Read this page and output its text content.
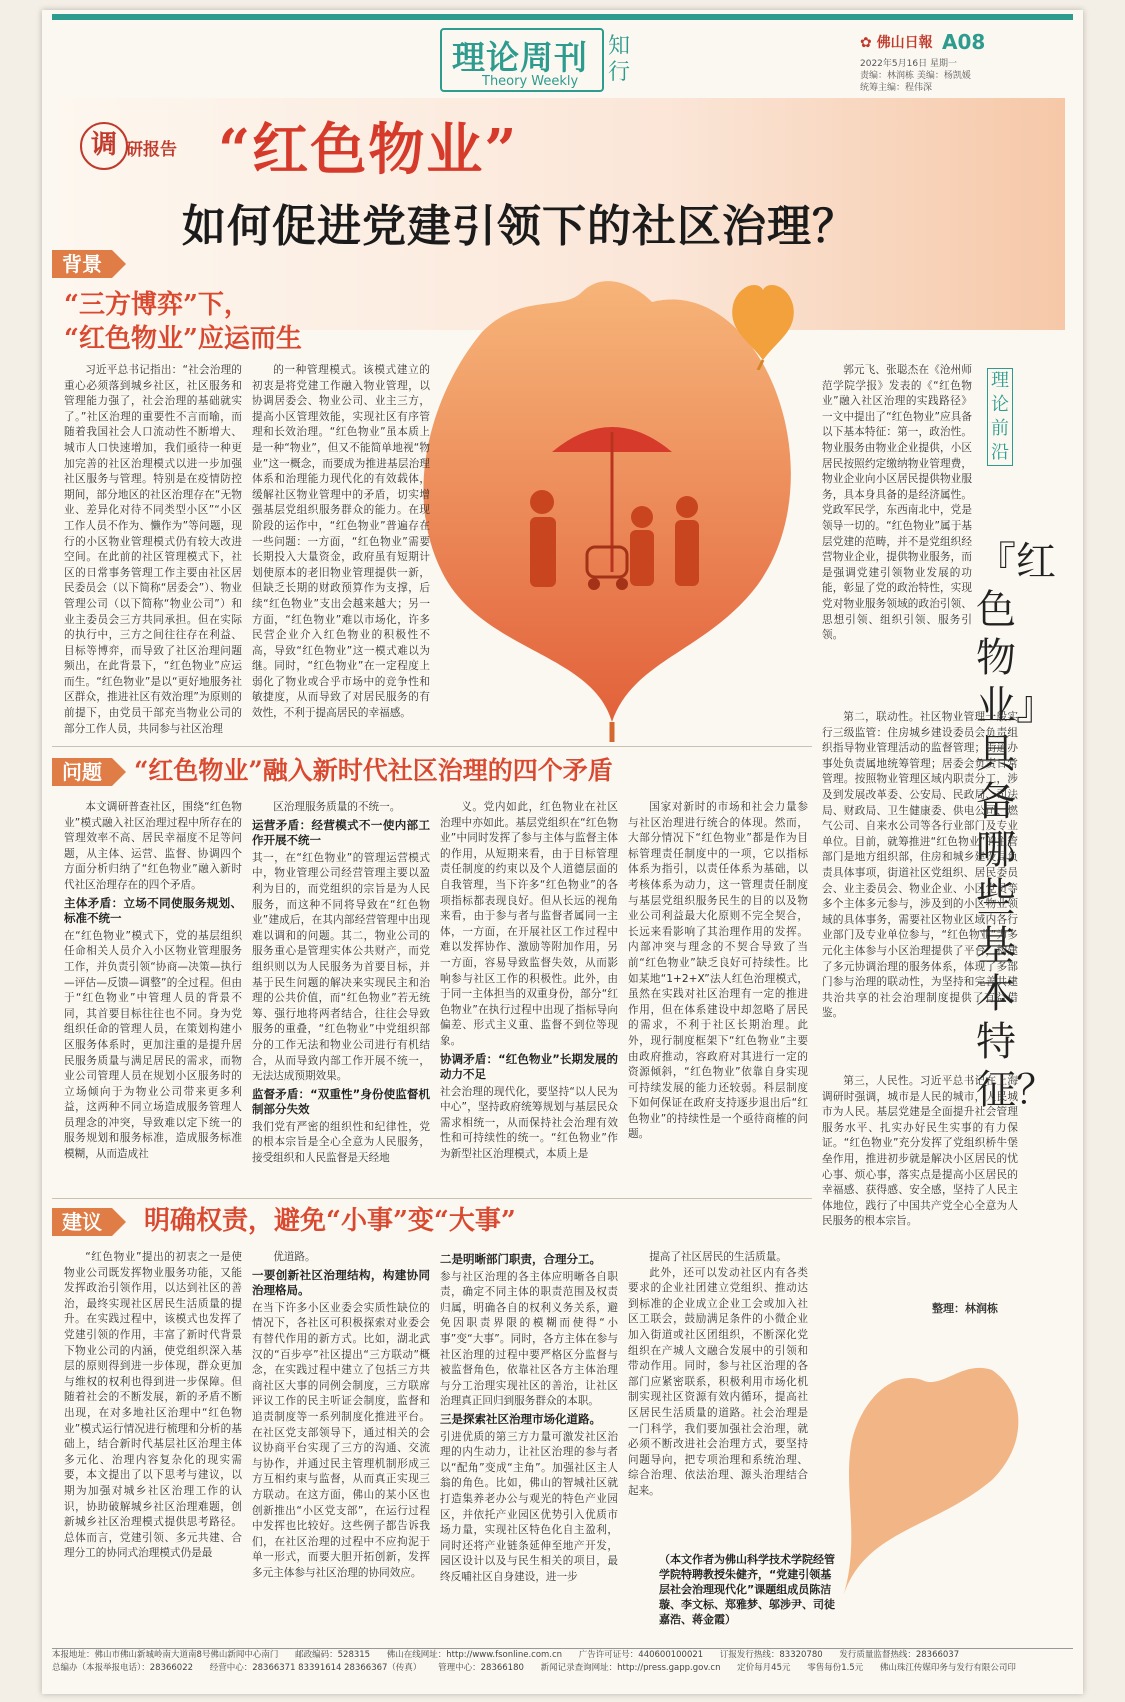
理论周刊
Theory Weekly
知行
✿ 佛山日報 A08
2022年5月16日 星期一
责编：林润栋 美编：杨凯媛
统筹主编：程伟深
调 研报告 “红色物业”
如何促进党建引领下的社区治理？
背景
“三方博弈”下，
“红色物业”应运而生
习近平总书记指出：“社会治理的重心必须落到城乡社区，社区服务和管理能力强了，社会治理的基础就实了。”社区治理的重要性不言而喻，而随着我国社会人口流动性不断增大、城市人口快速增加，我们亟待一种更加完善的社区治理模式以进一步加强社区服务与管理。特别是在疫情防控期间，部分地区的社区治理存在“无物业、差异化对待不同类型小区”“小区工作人员不作为、懒作为”等问题，现行的小区物业管理模式仍有较大改进空间。在此前的社区管理模式下，社区的日常事务管理工作主要由社区居民委员会（以下简称“居委会”）、物业管理公司（以下简称“物业公司”）和业主委员会三方共同承担。但在实际的执行中，三方之间往往存在利益、目标等博弈，而导致了社区治理问题频出，在此背景下，“红色物业”应运而生。“红色物业”是以“更好地服务社区群众，推进社区有效治理”为原则的前提下，由党员干部充当物业公司的部分工作人员，共同参与社区治理
的一种管理模式。该模式建立的初衷是将党建工作融入物业管理，以协调居委会、物业公司、业主三方，提高小区管理效能，实现社区有序管理和长效治理。“红色物业”虽本质上是一种“物业”，但又不能简单地视“物业”这一概念，而要成为推进基层治理体系和治理能力现代化的有效载体，缓解社区物业管理中的矛盾，切实增强基层党组织服务群众的能力。在现阶段的运作中，“红色物业”普遍存在一些问题：一方面，“红色物业”需要长期投入大量资金，政府虽有短期计划使原本的老旧物业管理提供一新，但缺乏长期的财政预算作为支撑，后续“红色物业”支出会越来越大；另一方面，“红色物业”难以市场化，许多民营企业介入红色物业的积极性不高，导致“红色物业”这一模式难以为继。同时，“红色物业”在一定程度上弱化了物业或合乎市场中的竞争性和敏捷度，从而导致了对居民服务的有效性，不利于提高居民的幸福感。
理论前沿
『红色物业』具备哪些基本特征？
郭元飞、张聪杰在《沧州师范学院学报》发表的《“红色物业”融入社区治理的实践路径》一文中提出了“红色物业”应具备以下基本特征：第一，政治性。物业服务由物业企业提供，小区居民按照约定缴纳物业管理费，物业企业向小区居民提供物业服务，具本身具备的是经济属性。党政军民学，东西南北中，党是领导一切的。“红色物业”属于基层党建的范畴，并不是党组织经营物业企业，提供物业服务，而是强调党建引领物业发展的功能，彰显了党的政治特性，实现党对物业服务领域的政治引领、思想引领、组织引领、服务引领。
第二，联动性。社区物业管理一般实行三级监管：住房城乡建设委员会负责组织指导物业管理活动的监督管理；街道办事处负责属地统筹管理；居委会负责日常管理。按照物业管理区域内职责分工，涉及到发展改革委、公安局、民政局、司法局、财政局、卫生健康委、供电公司、燃气公司、自来水公司等各行业部门及专业单位。目前，就筹推进“红色物业”的主管部门是地方组织部，住房和城乡建设局负责具体事项，街道社区党组织、居民委员会、业主委员会、物业企业、小区党员等多个主体多元参与，涉及到的小区物业领域的具体事务，需要社区物业区域内各行业部门及专业单位参与，“红色物业”为多元化主体参与小区治理提供了平台，构建了多元协调治理的服务体系，体现了多部门参与治理的联动性，为坚持和完善共建共治共享的社会治理制度提供了有益借鉴。
第三，人民性。习近平总书记在上海调研时强调，城市是人民的城市，人民城市为人民。基层党建是全面提升社会管理服务水平、扎实办好民生实事的有力保证。“红色物业”充分发挥了党组织桥牛堡垒作用，推进初步就是解决小区居民的忧心事、烦心事，落实点是提高小区居民的幸福感、获得感、安全感，坚持了人民主体地位，践行了中国共产党全心全意为人民服务的根本宗旨。
整理：林润栋
问题	“红色物业”融入新时代社区治理的四个矛盾
本文调研普查社区，围绕“红色物业”模式融入社区治理过程中所存在的管理效率不高、居民幸福度不足等问题，从主体、运营、监督、协调四个方面分析归纳了“红色物业”融入新时代社区治理存在的四个矛盾。
主体矛盾：立场不同使服务规划、标准不统一
在“红色物业”模式下，党的基层组织任命相关人员介入小区物业管理服务工作，并负责引领“协商—决策—执行—评估—反馈—调整”的全过程。但由于“红色物业”中管理人员的背景不同，其首要目标往往也不同。身为党组织任命的管理人员，在策划构建小区服务体系时，更加注重的是提升居民服务质量与满足居民的需求，而物业公司管理人员在规划小区服务时的立场倾向于为物业公司带来更多利益，这两种不同立场造成服务管理人员理念的冲突，导致难以定下统一的服务规划和服务标准，造成服务标准模糊，从而造成社
区治理服务质量的不统一。
运营矛盾：经营模式不一使内部工作开展不统一
其一，在“红色物业”的管理运营模式中，物业管理公司经营管理主要以盈利为目的，而党组织的宗旨是为人民服务，而这种不同将导致在“红色物业”建成后，在其内部经营管理中出现难以调和的问题。其二，物业公司的服务重心是管理实体公共财产，而党组织则以为人民服务为首要目标，并基于民生问题的解决来实现民主和治理的公共价值，而“红色物业”若无统筹、强行地将两者结合，往往会导致服务的重叠，“红色物业”中党组织部分的工作无法和物业公司进行有机结合，从而导致内部工作开展不统一，无法达成预期效果。
监督矛盾：“双重性”身份使监督机制部分失效
我们党有严密的组织性和纪律性，党的根本宗旨是全心全意为人民服务，接受组织和人民监督是天经地
义。党内如此，红色物业在社区治理中亦如此。基层党组织在“红色物业”中同时发挥了参与主体与监督主体的作用，从短期来看，由于目标管理责任制度的约束以及个人道德层面的自我管理，当下许多“红色物业”的各项指标都表现良好。但从长远的视角来看，由于参与者与监督者属同一主体，一方面，在开展社区工作过程中难以发挥协作、激励等附加作用，另一方面，容易导致监督失效，从而影响参与社区工作的积极性。此外，由于同一主体担当的双重身份，部分“红色物业”在执行过程中出现了指标导向偏差、形式主义重、监督不到位等现象。
协调矛盾：“红色物业”长期发展的动力不足
社会治理的现代化，要坚持“以人民为中心”，坚持政府统筹规划与基层民众需求相统一，从而保持社会治理有效性和可持续性的统一。“红色物业”作为新型社区治理模式，本质上是
国家对新时的市场和社会力量参与社区治理进行统合的体现。然而，大部分情况下“红色物业”都是作为目标管理责任制度中的一项，它以指标体系为指引，以责任体系为基础，以考核体系为动力，这一管理责任制度与基层党组织服务民生的目的以及物业公司利益最大化原则不完全契合，长远来看影响了其治理作用的发挥。内部冲突与理念的不契合导致了当前“红色物业”缺乏良好可持续性。比如某地“1+2+X”法人红色治理模式，虽然在实践对社区治理有一定的推进作用，但在体系建设中却忽略了居民的需求，不利于社区长期治理。此外，现行制度框架下“红色物业”主要由政府推动，容政府对其进行一定的资源倾斜，“红色物业”依靠自身实现可持续发展的能力还较弱。科层制度下如何保证在政府支持逐步退出后“红色物业”的持续性是一个亟待商榷的问题。
建议	明确权责，避免“小事”变“大事”
“红色物业”提出的初衷之一是使物业公司既发挥物业服务功能，又能发挥政治引领作用，以达到社区的善治，最终实现社区居民生活质量的提升。在实践过程中，该模式也发挥了党建引领的作用，丰富了新时代背景下物业公司的内涵，使党组织深入基层的原则得到进一步体现，群众更加与维权的权利也得到进一步保障。但随着社会的不断发展，新的矛盾不断出现，在对多地社区治理中“红色物业”模式运行情况进行梳理和分析的基础上，结合新时代基层社区治理主体多元化、治理内容复杂化的现实需要，本文提出了以下思考与建议，以期为加强对城乡社区治理工作的认识，协助破解城乡社区治理难题，创新城乡社区治理模式提供思考路径。总体而言，党建引领、多元共建、合理分工的协同式治理模式仍是最
优道路。
一要创新社区治理结构，构建协同治理格局。
在当下许多小区业委会实质性缺位的情况下，各社区可积极探索对业委会有替代作用的新方式。比如，湖北武汉的“百步亭”社区提出“三方联动”概念，在实践过程中建立了包括三方共商社区大事的同例会制度，三方联席评议工作的民主听证会制度，监督和追责制度等一系列制度化推进平台。在社区党支部领导下，通过相关的会议协商平台实现了三方的沟通、交流与协作，并通过民主管理机制形成三方互相约束与监督，从而真正实现三方联动。在这方面，佛山的某小区也创新推出“小区党支部”，在运行过程中发挥也比较好。这些例子都告诉我们，在社区治理的过程中不应拘泥于单一形式，而要大胆开拓创新，发挥多元主体参与社区治理的协同效应。
二是明晰部门职责，合理分工。
参与社区治理的各主体应明晰各自职责，确定不同主体的职责范围及权责归属，明确各自的权利义务关系，避免因职责界限的模糊而使得“小事”变“大事”。同时，各方主体在参与社区治理的过程中要严格区分监督与被监督角色，依靠社区各方主体治理与分工治理实现社区的善治，让社区治理真正回归到服务群众的本职。
三是探索社区治理市场化道路。
引进优质的第三方力量可激发社区治理的内生动力，让社区治理的参与者以“配角”变成“主角”。加强社区主人翁的角色。比如，佛山的智城社区就打造集养老办公与观光的特色产业园区，并依托产业园区优势引入优质市场力量，实现社区特色化自主盈利，同时还将产业链条延伸至地产开发，园区设计以及与民生相关的项目，最终反哺社区自身建设，进一步
提高了社区居民的生活质量。
此外，还可以发动社区内有各类要求的企业社团建立党组织、推动达到标准的企业成立企业工会或加入社区工联会，鼓励满足条件的小微企业加入街道或社区团组织，不断深化党组织在产城人文融合发展中的引领和带动作用。同时，参与社区治理的各部门应紧密联系，积极利用市场化机制实现社区资源有效内循环，提高社区居民生活质量的道路。社会治理是一门科学，我们要加强社会治理，就必须不断改进社会治理方式，要坚持问题导向，把专项治理和系统治理、综合治理、依法治理、源头治理结合起来。
（本文作者为佛山科学技术学院经管学院特聘教授朱健齐，“党建引领基层社会治理现代化”课题组成员陈洁璇、李文标、郑雅梦、邬涉尹、司徒嘉浩、蒋金霞）
本报地址：佛山市佛山新城岭南大道南8号佛山新闻中心南门 邮政编码：528315 佛山在线网址：http://www.fsonline.com.cn 广告许可证号：440600100021 订报发行热线：83320780 发行质量监督热线：28366037
总编办（本报举报电话）：28366022 经营中心：28366371 83391614 28366367（传真） 管理中心：28366180 新闻记录查询网址：http://press.gapp.gov.cn 定价每月45元 零售每份1.5元 佛山珠江传媒印务与发行有限公司印
